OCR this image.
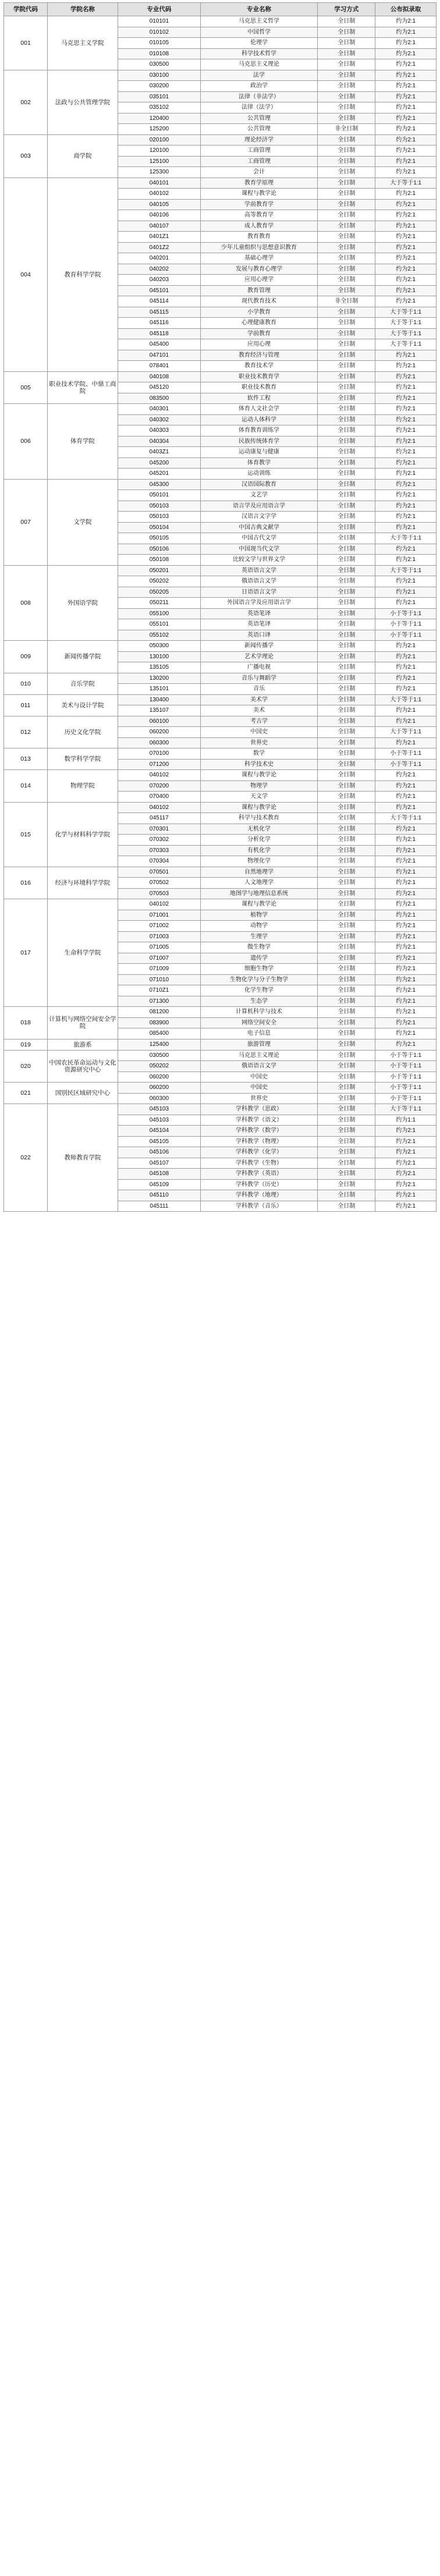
学院代码	学院名称	专业代码	专业名称	学习方式	公布拟录取
001	马克思主义学院	010101	马克思主义哲学	全日制	约为2:1
		010102	中国哲学	全日制	约为2:1
		010105	伦理学	全日制	约为2:1
		010108	科学技术哲学	全日制	约为2:1
		030500	马克思主义理论	全日制	约为2:1
002	法政与公共管理学院	030100	法学	全日制	约为2:1
		030200	政治学	全日制	约为2:1
		035101	法律（非法学）	全日制	约为2:1
		035102	法律（法学）	全日制	约为2:1
		120400	公共管理	全日制	约为2:1
		125200	公共管理	非全日制	约为2:1
003	商学院	020100	理论经济学	全日制	约为2:1
		120100	工商管理	全日制	约为2:1
		125100	工商管理	全日制	约为2:1
		125300	会计	全日制	约为2:1
004	教育科学学院	040101	教育学原理	全日制	大于等于1:1
		040102	课程与教学论	全日制	约为2:1
		040105	学前教育学	全日制	约为2:1
		040106	高等教育学	全日制	约为2:1
		040107	成人教育学	全日制	约为2:1
		0401Z1	教育教育	全日制	约为2:1
		0401Z2	少年儿童组织与思想意识教育	全日制	约为2:1
		040201	基础心理学	全日制	约为2:1
		040202	发展与教育心理学	全日制	约为2:1
		040203	应用心理学	全日制	约为2:1
		045101	教育管理	全日制	约为2:1
		045114	现代教育技术	非全日制	约为2:1
		045115	小学教育	全日制	大于等于1:1
		045116	心理健康教育	全日制	大于等于1:1
		045118	学前教育	全日制	大于等于1:1
		045400	应用心理	全日制	大于等于1:1
		047101	教育经济与管理	全日制	约为2:1
		078401	教育技术学	全日制	约为2:1
005	职业技术学院、中鼎工商院	040108	职业技术教育学	全日制	约为2:1
		045120	职业技术教育	全日制	约为2:1
		083500	软件工程	全日制	约为2:1
006	体育学院	040301	体育人文社会学	全日制	约为2:1
		040302	运动人体科学	全日制	约为2:1
		040303	体育教育训练学	全日制	约为2:1
		040304	民族传统体育学	全日制	约为2:1
		0403Z1	运动康复与健康	全日制	约为2:1
		045200	体育教学	全日制	约为2:1
		045201	运动训练	全日制	约为2:1
007	文学院	045300	汉语国际教育	全日制	约为2:1
		050101	文艺学	全日制	约为2:1
		050103	语言学及应用语言学	全日制	约为2:1
		050103	汉语言文字学	全日制	约为2:1
		050104	中国古典文献学	全日制	约为2:1
		050105	中国古代文学	全日制	大于等于1:1
		050106	中国现当代文学	全日制	约为2:1
		050108	比较文学与世界文学	全日制	约为2:1
008	外国语学院	050201	英语语言文学	全日制	大于等于1:1
		050202	俄语语言文学	全日制	约为2:1
		050205	日语语言文学	全日制	约为2:1
		050211	外国语言学及应用语言学	全日制	约为2:1
		055100	英语笔译	全日制	小于等于1:1
		055101	英语笔译	全日制	小于等于1:1
		055102	英语口译	全日制	小于等于1:1
009	新闻传播学院	050300	新闻传播学	全日制	约为2:1
		130100	艺术学理论	全日制	约为2:1
		135105	广播电视	全日制	约为2:1
010	音乐学院	130200	音乐与舞蹈学	全日制	约为2:1
		135101	音乐	全日制	约为2:1
011	美术与设计学院	130400	美术学	全日制	大于等于1:1
		135107	美术	全日制	约为2:1
012	历史文化学院	060100	考古学	全日制	约为2:1
		060200	中国史	全日制	大于等于1:1
		060300	世界史	全日制	约为2:1
013	数学科学学院	070100	数学	全日制	小于等于1:1
		071200	科学技术史	全日制	小于等于1:1
014	物理学院	040102	课程与教学论	全日制	约为2:1
		070200	物理学	全日制	约为2:1
		070400	天文学	全日制	约为2:1
015	化学与材料科学学院	040102	课程与教学论	全日制	约为2:1
		045117	科学与技术教育	全日制	大于等于1:1
		070301	无机化学	全日制	约为2:1
		070302	分析化学	全日制	约为2:1
		070303	有机化学	全日制	约为2:1
		070304	物理化学	全日制	约为2:1
016	经济与环境科学学院	070501	自然地理学	全日制	约为2:1
		070502	人文地理学	全日制	约为2:1
		070503	地图学与地理信息系统	全日制	约为2:1
017	生命科学学院	040102	课程与教学论	全日制	约为2:1
		071001	植物学	全日制	约为2:1
		071002	动物学	全日制	约为2:1
		071003	生理学	全日制	约为2:1
		071005	微生物学	全日制	约为2:1
		071007	遗传学	全日制	约为2:1
		071009	细胞生物学	全日制	约为2:1
		071010	生物化学与分子生物学	全日制	约为2:1
		0710Z1	化学生物学	全日制	约为2:1
		071300	生态学	全日制	约为2:1
018	计算机与网络空间安全学院	081200	计算机科学与技术	全日制	约为2:1
		083900	网络空间安全	全日制	约为2:1
		085400	电子信息	全日制	约为2:1
019	旅游系	125400	旅游管理	全日制	约为2:1
020	中国农民革命运动与文化资源研究中心	030500	马克思主义理论	全日制	小于等于1:1
		050202	俄语语言文学	全日制	小于等于1:1
		060200	中国史	全日制	小于等于1:1
021	国别民区域研究中心	060200	中国史	全日制	小于等于1:1
		060300	世界史	全日制	小于等于1:1
022	教师教育学院	045103	学科教学（思政）	全日制	大于等于1:1
		045103	学科教学（语文）	全日制	约为1:1
		045104	学科教学（数学）	全日制	约为2:1
		045105	学科教学（物理）	全日制	约为2:1
		045106	学科教学（化学）	全日制	约为2:1
		045107	学科教学（生物）	全日制	约为2:1
		045108	学科教学（英语）	全日制	约为2:1
		045109	学科教学（历史）	全日制	约为2:1
		045110	学科教学（地理）	全日制	约为2:1
		045111	学科教学（音乐）	全日制	约为2:1
